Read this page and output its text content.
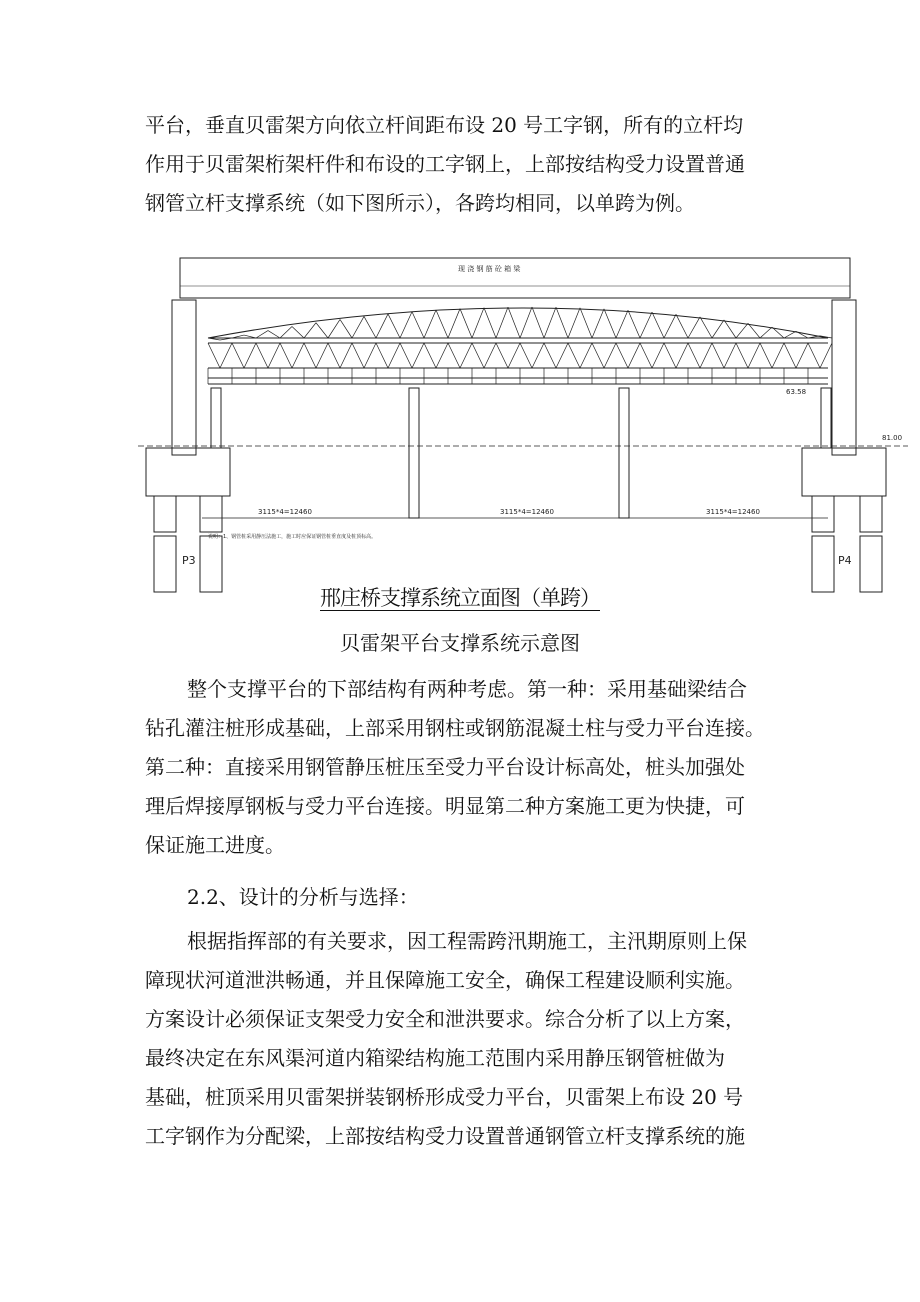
平台，垂直贝雷架方向依立杆间距布设 20 号工字钢，所有的立杆均
作用于贝雷架桁架杆件和布设的工字钢上，上部按结构受力设置普通
钢管立杆支撑系统（如下图所示），各跨均相同，以单跨为例。
现 浇 钢 筋 砼 箱 梁
3115*4=12460	3115*4=12460	3115*4=12460
81.00
63.58
说明：1、钢管桩采用静压法施工，施工时应保证钢管桩垂直度及桩顶标高。
P3	P4
邢庄桥支撑系统立面图（单跨）
贝雷架平台支撑系统示意图
整个支撑平台的下部结构有两种考虑。第一种：采用基础梁结合
钻孔灌注桩形成基础，上部采用钢柱或钢筋混凝土柱与受力平台连接。
第二种：直接采用钢管静压桩压至受力平台设计标高处，桩头加强处
理后焊接厚钢板与受力平台连接。明显第二种方案施工更为快捷，可
保证施工进度。
2.2、设计的分析与选择：
根据指挥部的有关要求，因工程需跨汛期施工，主汛期原则上保
障现状河道泄洪畅通，并且保障施工安全，确保工程建设顺利实施。
方案设计必须保证支架受力安全和泄洪要求。综合分析了以上方案，
最终决定在东风渠河道内箱梁结构施工范围内采用静压钢管桩做为
基础，桩顶采用贝雷架拼装钢桥形成受力平台，贝雷架上布设 20 号
工字钢作为分配梁，上部按结构受力设置普通钢管立杆支撑系统的施
